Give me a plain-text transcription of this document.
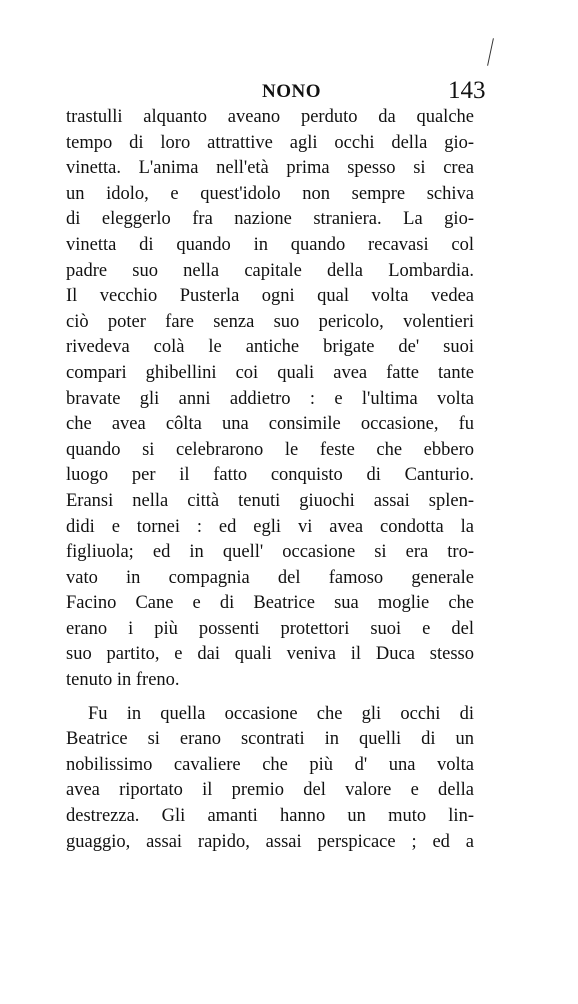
NONO	143
trastulli alquanto aveano perduto da qualche
tempo di loro attrattive agli occhi della gio-
vinetta. L'anima nell'età prima spesso si crea
un idolo, e quest'idolo non sempre schiva
di eleggerlo fra nazione straniera. La gio-
vinetta di quando in quando recavasi col
padre suo nella capitale della Lombardia.
Il vecchio Pusterla ogni qual volta vedea
ciò poter fare senza suo pericolo, volentieri
rivedeva colà le antiche brigate de' suoi
compari ghibellini coi quali avea fatte tante
bravate gli anni addietro : e l'ultima volta
che avea côlta una consimile occasione, fu
quando si celebrarono le feste che ebbero
luogo per il fatto conquisto di Canturio.
Eransi nella città tenuti giuochi assai splen-
didi e tornei : ed egli vi avea condotta la
figliuola; ed in quell' occasione si era tro-
vato in compagnia del famoso generale
Facino Cane e di Beatrice sua moglie che
erano i più possenti protettori suoi e del
suo partito, e dai quali veniva il Duca stesso
tenuto in freno.
Fu in quella occasione che gli occhi di
Beatrice si erano scontrati in quelli di un
nobilissimo cavaliere che più d' una volta
avea riportato il premio del valore e della
destrezza. Gli amanti hanno un muto lin-
guaggio, assai rapido, assai perspicace ; ed a
